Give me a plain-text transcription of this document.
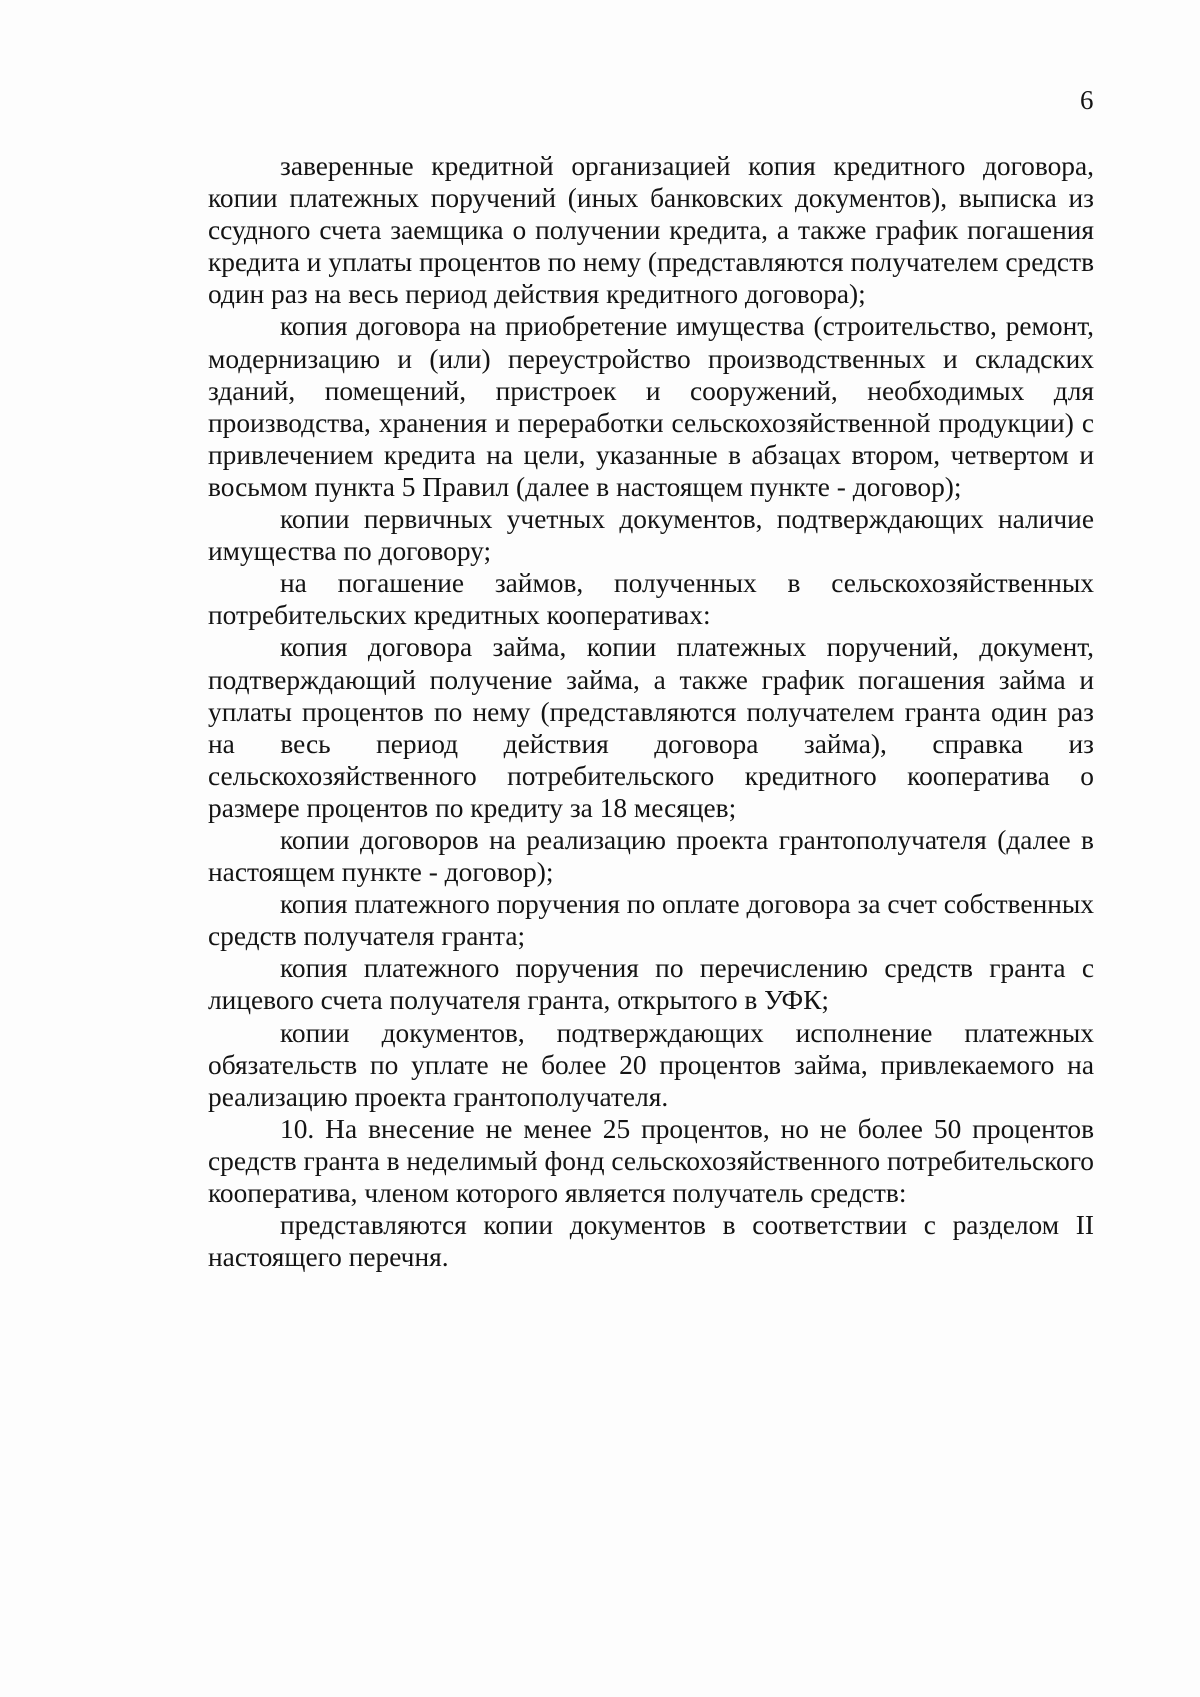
6

заверенные кредитной организацией копия кредитного договора, копии платежных поручений (иных банковских документов), выписка из ссудного счета заемщика о получении кредита, а также график погашения кредита и уплаты процентов по нему (представляются получателем средств один раз на весь период действия кредитного договора);

копия договора на приобретение имущества (строительство, ремонт, модернизацию и (или) переустройство производственных и складских зданий, помещений, пристроек и сооружений, необходимых для производства, хранения и переработки сельскохозяйственной продукции) с привлечением кредита на цели, указанные в абзацах втором, четвертом и восьмом пункта 5 Правил (далее в настоящем пункте - договор);

копии первичных учетных документов, подтверждающих наличие имущества по договору;

на погашение займов, полученных в сельскохозяйственных потребительских кредитных кооперативах:

копия договора займа, копии платежных поручений, документ, подтверждающий получение займа, а также график погашения займа и уплаты процентов по нему (представляются получателем гранта один раз на весь период действия договора займа), справка из сельскохозяйственного потребительского кредитного кооператива о размере процентов по кредиту за 18 месяцев;

копии договоров на реализацию проекта грантополучателя (далее в настоящем пункте - договор);

копия платежного поручения по оплате договора за счет собственных средств получателя гранта;

копия платежного поручения по перечислению средств гранта с лицевого счета получателя гранта, открытого в УФК;

копии документов, подтверждающих исполнение платежных обязательств по уплате не более 20 процентов займа, привлекаемого на реализацию проекта грантополучателя.

10. На внесение не менее 25 процентов, но не более 50 процентов средств гранта в неделимый фонд сельскохозяйственного потребительского кооператива, членом которого является получатель средств:

представляются копии документов в соответствии с разделом II настоящего перечня.
